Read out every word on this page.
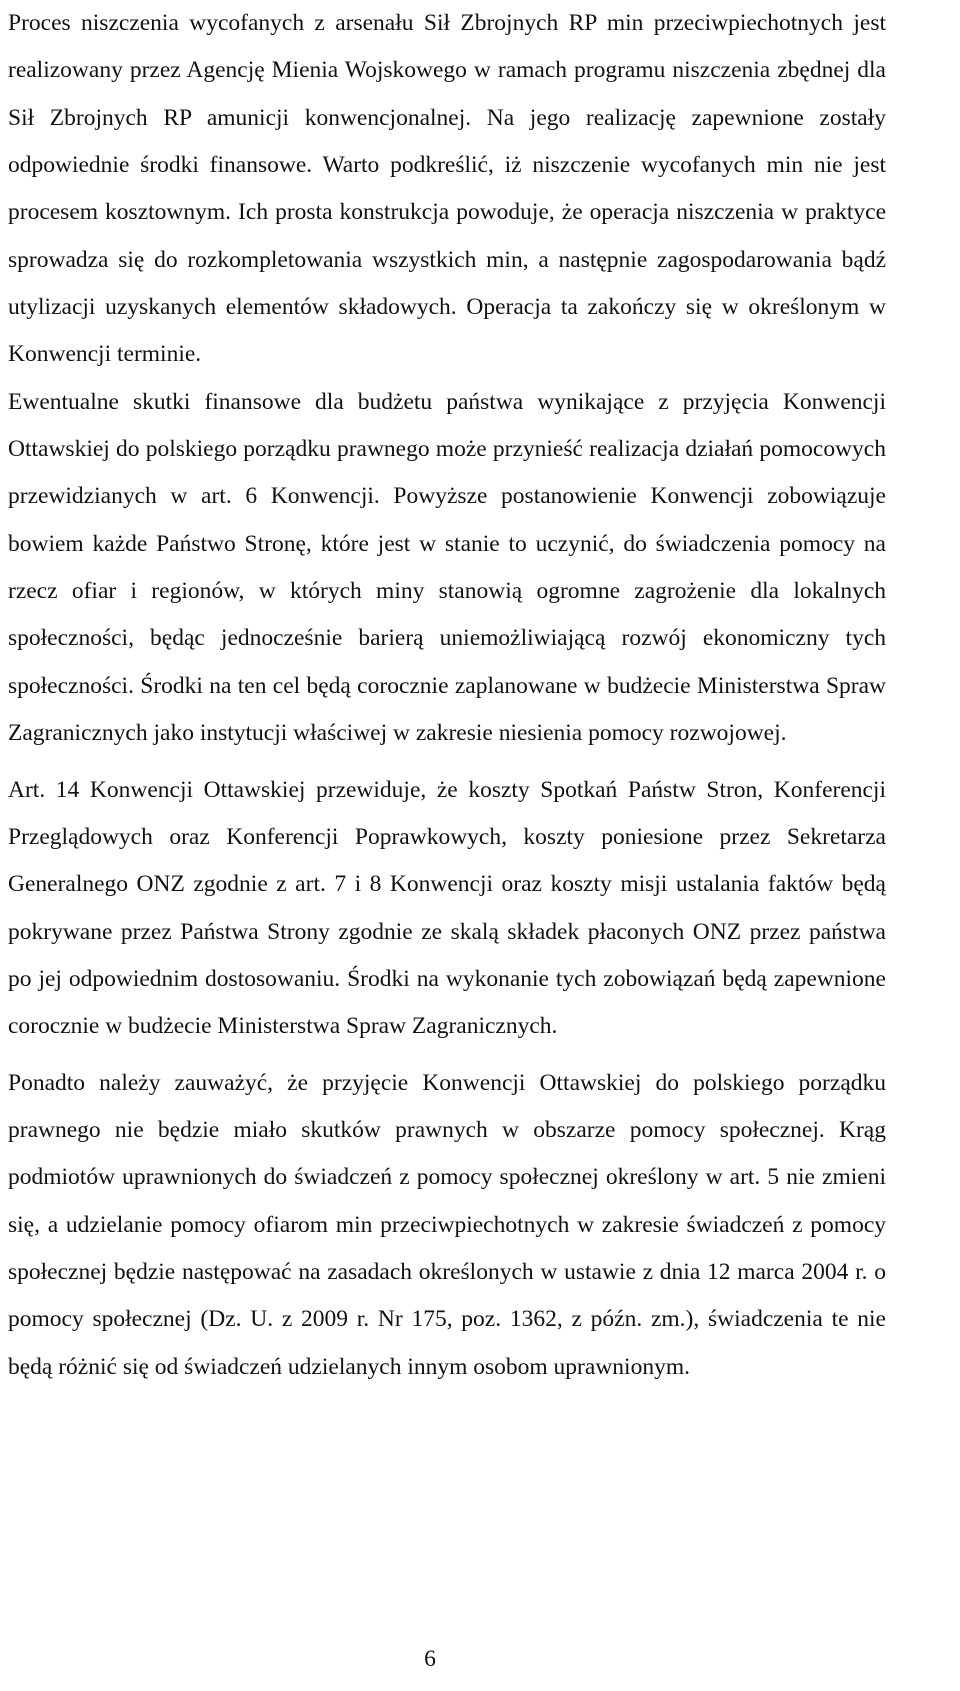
Proces niszczenia wycofanych z arsenału Sił Zbrojnych RP min przeciwpiechotnych jest realizowany przez Agencję Mienia Wojskowego w ramach programu niszczenia zbędnej dla Sił Zbrojnych RP amunicji konwencjonalnej. Na jego realizację zapewnione zostały odpowiednie środki finansowe. Warto podkreślić, iż niszczenie wycofanych min nie jest procesem kosztownym. Ich prosta konstrukcja powoduje, że operacja niszczenia w praktyce sprowadza się do rozkompletowania wszystkich min, a następnie zagospodarowania bądź utylizacji uzyskanych elementów składowych. Operacja ta zakończy się w określonym w Konwencji terminie.

Ewentualne skutki finansowe dla budżetu państwa wynikające z przyjęcia Konwencji Ottawskiej do polskiego porządku prawnego może przynieść realizacja działań pomocowych przewidzianych w art. 6 Konwencji. Powyższe postanowienie Konwencji zobowiązuje bowiem każde Państwo Stronę, które jest w stanie to uczynić, do świadczenia pomocy na rzecz ofiar i regionów, w których miny stanowią ogromne zagrożenie dla lokalnych społeczności, będąc jednocześnie barierą uniemożliwiającą rozwój ekonomiczny tych społeczności. Środki na ten cel będą corocznie zaplanowane w budżecie Ministerstwa Spraw Zagranicznych jako instytucji właściwej w zakresie niesienia pomocy rozwojowej.

Art. 14 Konwencji Ottawskiej przewiduje, że koszty Spotkań Państw Stron, Konferencji Przeglądowych oraz Konferencji Poprawkowych, koszty poniesione przez Sekretarza Generalnego ONZ zgodnie z art. 7 i 8 Konwencji oraz koszty misji ustalania faktów będą pokrywane przez Państwa Strony zgodnie ze skalą składek płaconych ONZ przez państwa po jej odpowiednim dostosowaniu. Środki na wykonanie tych zobowiązań będą zapewnione corocznie w budżecie Ministerstwa Spraw Zagranicznych.

Ponadto należy zauważyć, że przyjęcie Konwencji Ottawskiej do polskiego porządku prawnego nie będzie miało skutków prawnych w obszarze pomocy społecznej. Krąg podmiotów uprawnionych do świadczeń z pomocy społecznej określony w art. 5 nie zmieni się, a udzielanie pomocy ofiarom min przeciwpiechotnych w zakresie świadczeń z pomocy społecznej będzie następować na zasadach określonych w ustawie z dnia 12 marca 2004 r. o pomocy społecznej (Dz. U. z 2009 r. Nr 175, poz. 1362, z późn. zm.), świadczenia te nie będą różnić się od świadczeń udzielanych innym osobom uprawnionym.

6
